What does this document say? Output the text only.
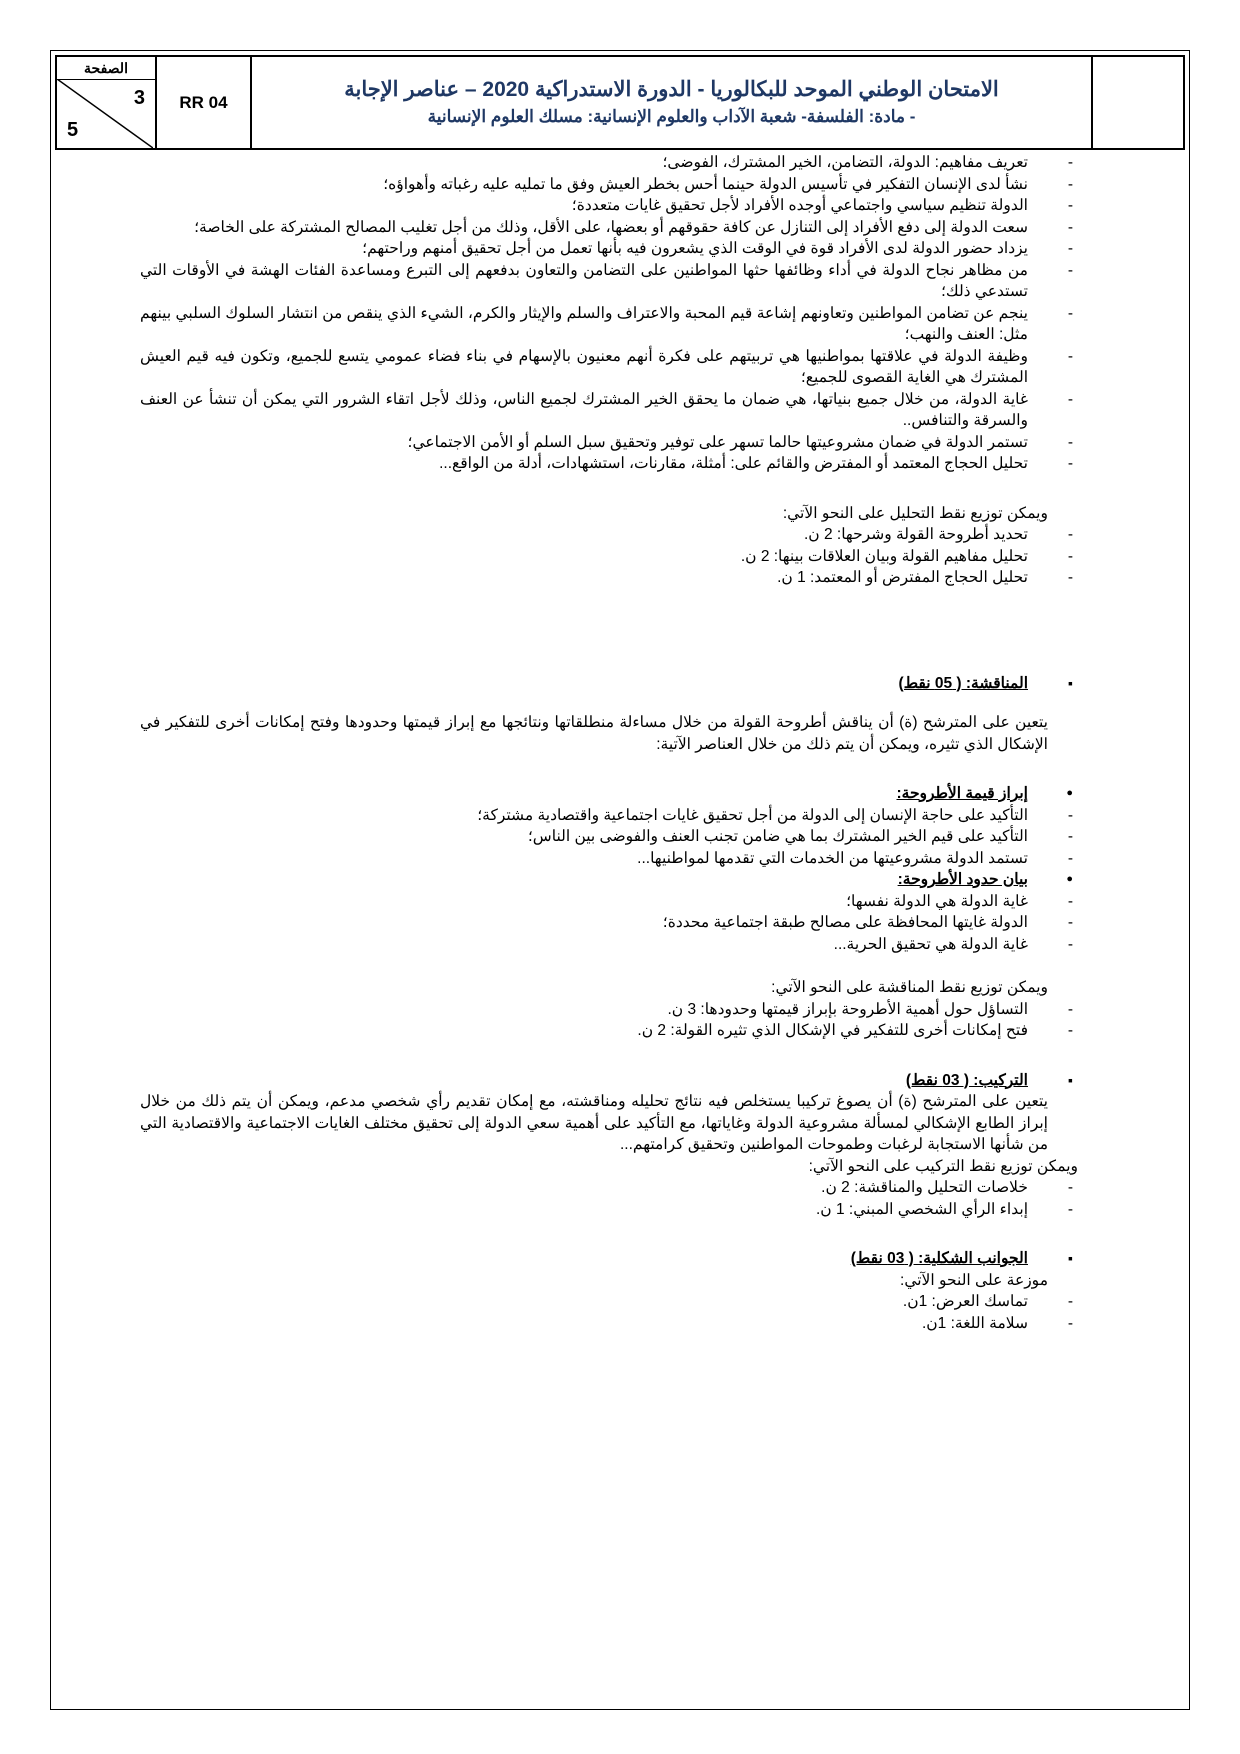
الصفحة
3
5
RR 04
الامتحان الوطني الموحد للبكالوريا - الدورة الاستدراكية 2020 – عناصر الإجابة
- مادة: الفلسفة- شعبة الآداب والعلوم الإنسانية: مسلك العلوم الإنسانية
- تعريف مفاهيم: الدولة، التضامن، الخير المشترك، الفوضى؛
- نشأ لدى الإنسان التفكير في تأسيس الدولة حينما أحس بخطر العيش وفق ما تمليه عليه رغباته وأهواؤه؛
- الدولة تنظيم سياسي واجتماعي أوجده الأفراد لأجل تحقيق غايات متعددة؛
- سعت الدولة إلى دفع الأفراد إلى التنازل عن كافة حقوقهم أو بعضها، على الأقل، وذلك من أجل تغليب المصالح المشتركة على الخاصة؛
- يزداد حضور الدولة لدى الأفراد قوة في الوقت الذي يشعرون فيه بأنها تعمل من أجل تحقيق أمنهم وراحتهم؛
- من مظاهر نجاح الدولة في أداء وظائفها حثها المواطنين على التضامن والتعاون بدفعهم إلى التبرع ومساعدة الفئات الهشة في الأوقات التي تستدعي ذلك؛
- ينجم عن تضامن المواطنين وتعاونهم إشاعة قيم المحبة والاعتراف والسلم والإيثار والكرم، الشيء الذي ينقص من انتشار السلوك السلبي بينهم مثل: العنف والنهب؛
- وظيفة الدولة في علاقتها بمواطنيها هي تربيتهم على فكرة أنهم معنيون بالإسهام في بناء فضاء عمومي يتسع للجميع، وتكون فيه قيم العيش المشترك هي الغاية القصوى للجميع؛
- غاية الدولة، من خلال جميع بنياتها، هي ضمان ما يحقق الخير المشترك لجميع الناس، وذلك لأجل اتقاء الشرور التي يمكن أن تنشأ عن العنف والسرقة والتنافس..
- تستمر الدولة في ضمان مشروعيتها حالما تسهر على توفير وتحقيق سبل السلم أو الأمن الاجتماعي؛
- تحليل الحجاج المعتمد أو المفترض والقائم على: أمثلة، مقارنات، استشهادات، أدلة من الواقع...

ويمكن توزيع نقط التحليل على النحو الآتي:

- تحديد أطروحة القولة وشرحها: 2 ن.
- تحليل مفاهيم القولة وبيان العلاقات بينها: 2 ن.
- تحليل الحجاج المفترض أو المعتمد: 1 ن.
▪ المناقشة: ( 05 نقط)

يتعين على المترشح (ة) أن يناقش أطروحة القولة من خلال مساءلة منطلقاتها ونتائجها مع إبراز قيمتها وحدودها وفتح إمكانات أخرى للتفكير في الإشكال الذي تثيره، ويمكن أن يتم ذلك من خلال العناصر الآتية:

● إبراز قيمة الأطروحة:
- التأكيد على حاجة الإنسان إلى الدولة من أجل تحقيق غايات اجتماعية واقتصادية مشتركة؛
- التأكيد على قيم الخير المشترك بما هي ضامن تجنب العنف والفوضى بين الناس؛
- تستمد الدولة مشروعيتها من الخدمات التي تقدمها لمواطنيها...
● بيان حدود الأطروحة:
- غاية الدولة هي الدولة نفسها؛
- الدولة غايتها المحافظة على مصالح طبقة اجتماعية محددة؛
- غاية الدولة هي تحقيق الحرية...

ويمكن توزيع نقط المناقشة على النحو الآتي:

- التساؤل حول أهمية الأطروحة بإبراز قيمتها وحدودها: 3 ن.
- فتح إمكانات أخرى للتفكير في الإشكال الذي تثيره القولة: 2 ن.
▪ التركيب: ( 03 نقط)

يتعين على المترشح (ة) أن يصوغ تركيبا يستخلص فيه نتائج تحليله ومناقشته، مع إمكان تقديم رأي شخصي مدعم، ويمكن أن يتم ذلك من خلال إبراز الطابع الإشكالي لمسألة مشروعية الدولة وغاياتها، مع التأكيد على أهمية سعي الدولة إلى تحقيق مختلف الغايات الاجتماعية والاقتصادية التي من شأنها الاستجابة لرغبات وطموحات المواطنين وتحقيق كرامتهم...

ويمكن توزيع نقط التركيب على النحو الآتي:

- خلاصات التحليل والمناقشة: 2 ن.
- إبداء الرأي الشخصي المبني: 1 ن.
▪ الجوانب الشكلية: ( 03 نقط)

موزعة على النحو الآتي:

- تماسك العرض: 1ن.
- سلامة اللغة: 1ن.
